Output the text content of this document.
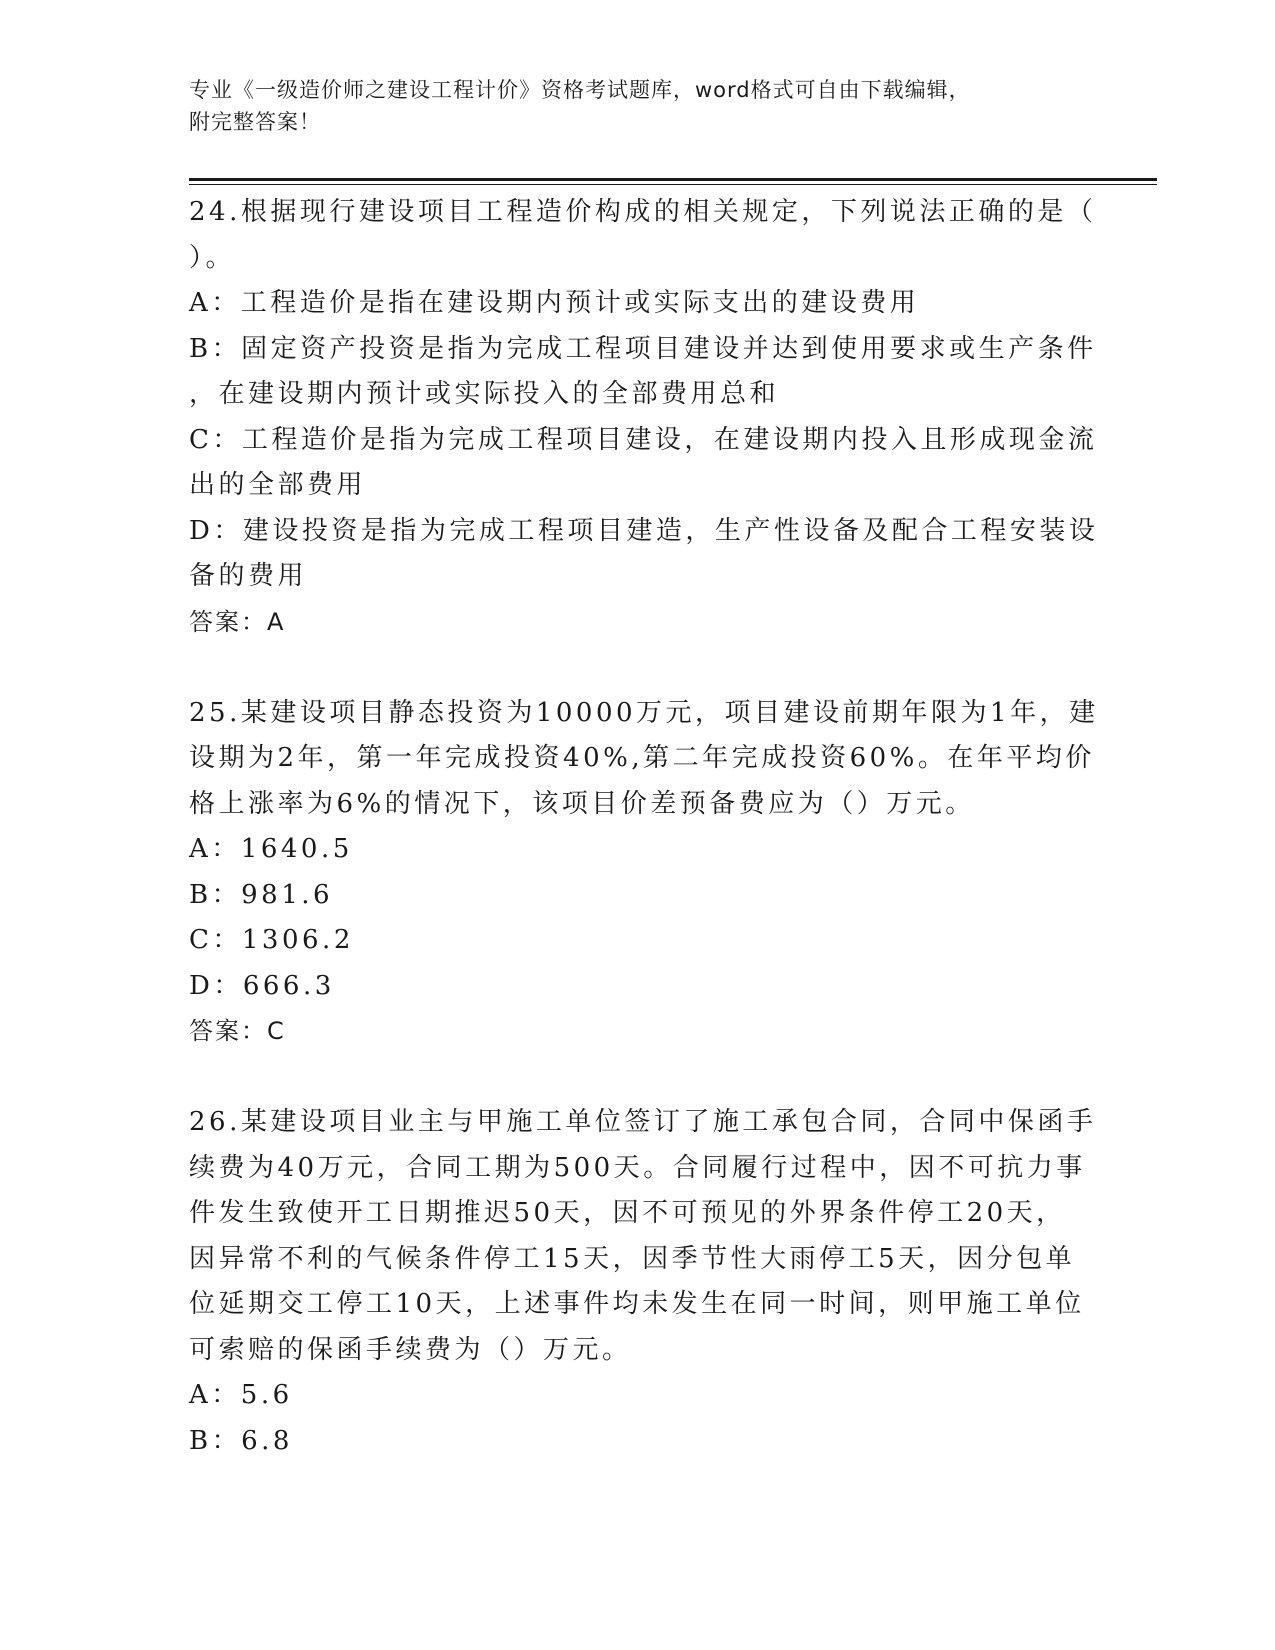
专业《一级造价师之建设工程计价》资格考试题库，word格式可自由下载编辑，
附完整答案！
24.根据现行建设项目工程造价构成的相关规定，下列说法正确的是（
）。
A：工程造价是指在建设期内预计或实际支出的建设费用
B：固定资产投资是指为完成工程项目建设并达到使用要求或生产条件
，在建设期内预计或实际投入的全部费用总和
C：工程造价是指为完成工程项目建设，在建设期内投入且形成现金流
出的全部费用
D：建设投资是指为完成工程项目建造，生产性设备及配合工程安装设
备的费用
答案：A
25.某建设项目静态投资为10000万元，项目建设前期年限为1年，建
设期为2年，第一年完成投资40%,第二年完成投资60%。在年平均价
格上涨率为6%的情况下，该项目价差预备费应为（）万元。
A：1640.5
B：981.6
C：1306.2
D：666.3
答案：C
26.某建设项目业主与甲施工单位签订了施工承包合同，合同中保函手
续费为40万元，合同工期为500天。合同履行过程中，因不可抗力事
件发生致使开工日期推迟50天，因不可预见的外界条件停工20天，
因异常不利的气候条件停工15天，因季节性大雨停工5天，因分包单
位延期交工停工10天，上述事件均未发生在同一时间，则甲施工单位
可索赔的保函手续费为（）万元。
A：5.6
B：6.8
